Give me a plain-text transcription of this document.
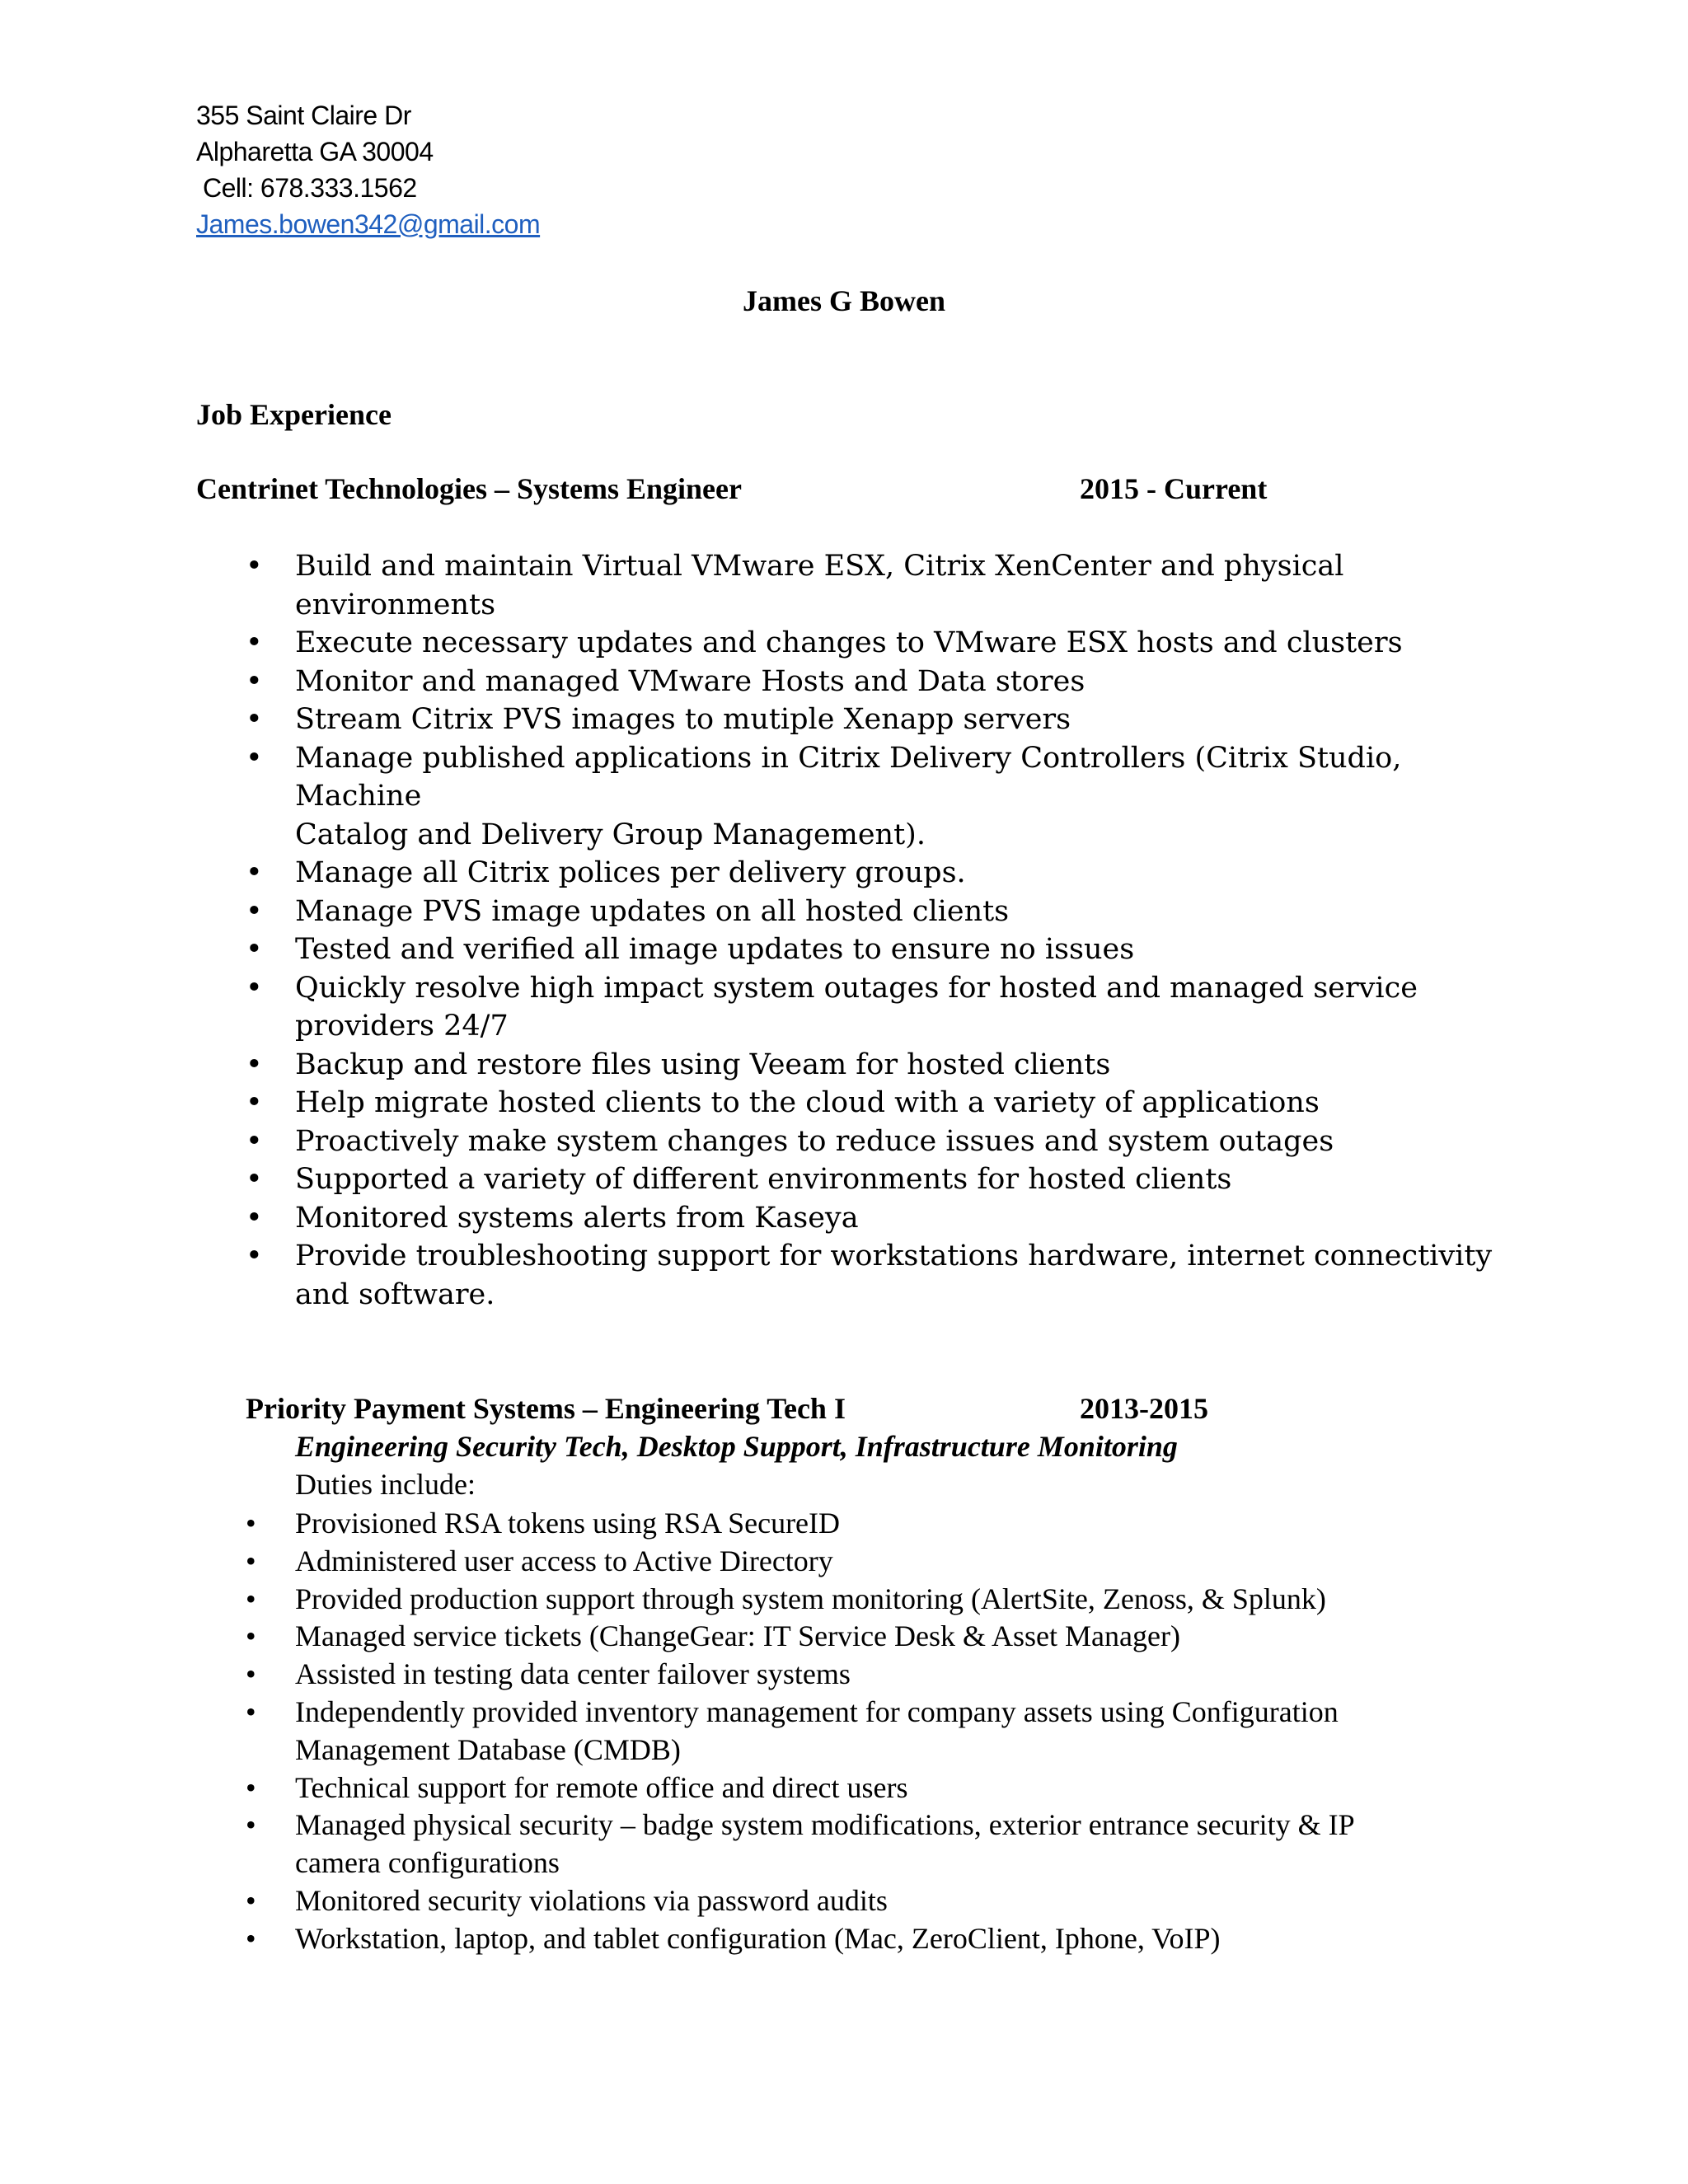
355 Saint Claire Dr
Alpharetta GA 30004
Cell: 678.333.1562
James.bowen342@gmail.com
James G Bowen
Job Experience
Centrinet Technologies – Systems Engineer	2015 - Current
• Build and maintain Virtual VMware ESX, Citrix XenCenter and physical
environments
• Execute necessary updates and changes to VMware ESX hosts and clusters
• Monitor and managed VMware Hosts and Data stores
• Stream Citrix PVS images to mutiple Xenapp servers
• Manage published applications in Citrix Delivery Controllers (Citrix Studio, Machine
Catalog and Delivery Group Management).
• Manage all Citrix polices per delivery groups.
• Manage PVS image updates on all hosted clients
• Tested and verified all image updates to ensure no issues
• Quickly resolve high impact system outages for hosted and managed service
providers 24/7
• Backup and restore files using Veeam for hosted clients
• Help migrate hosted clients to the cloud with a variety of applications
• Proactively make system changes to reduce issues and system outages
• Supported a variety of different environments for hosted clients
• Monitored systems alerts from Kaseya
• Provide troubleshooting support for workstations hardware, internet connectivity
and software.
Priority Payment Systems – Engineering Tech I	2013-2015
Engineering Security Tech, Desktop Support, Infrastructure Monitoring
Duties include:
• Provisioned RSA tokens using RSA SecureID
• Administered user access to Active Directory
• Provided production support through system monitoring (AlertSite, Zenoss, & Splunk)
• Managed service tickets (ChangeGear: IT Service Desk & Asset Manager)
• Assisted in testing data center failover systems
• Independently provided inventory management for company assets using Configuration
Management Database (CMDB)
• Technical support for remote office and direct users
• Managed physical security – badge system modifications, exterior entrance security & IP
camera configurations
• Monitored security violations via password audits
• Workstation, laptop, and tablet configuration (Mac, ZeroClient, Iphone, VoIP)
